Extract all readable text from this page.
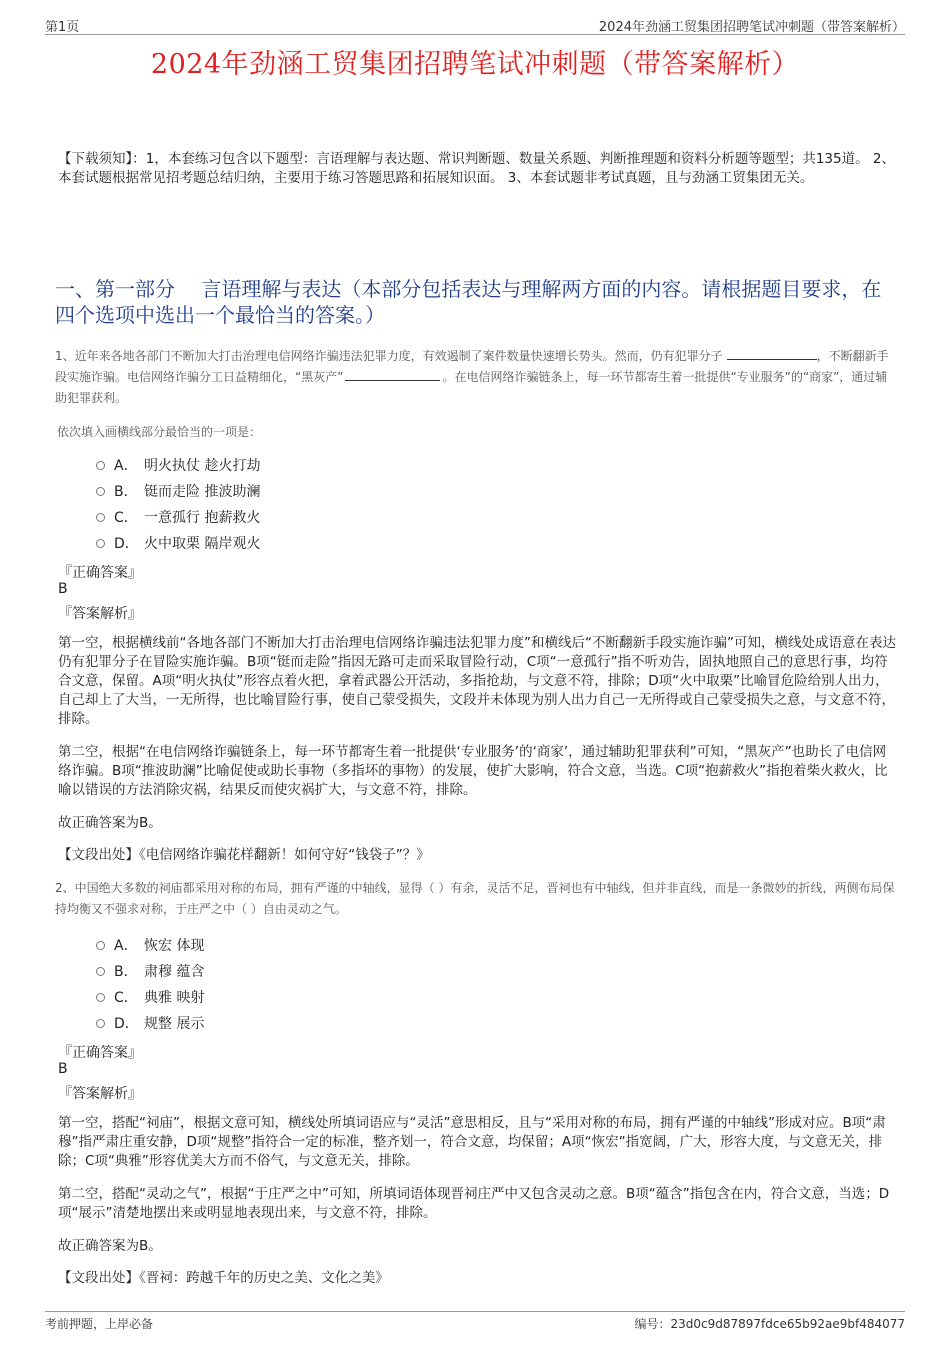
第1页	2024年劲涵工贸集团招聘笔试冲刺题（带答案解析）
2024年劲涵工贸集团招聘笔试冲刺题（带答案解析）
【下载须知】：1，本套练习包含以下题型：言语理解与表达题、常识判断题、数量关系题、判断推理题和资料分析题等题型；共135道。 2、本套试题根据常见招考题总结归纳，主要用于练习答题思路和拓展知识面。 3、本套试题非考试真题，且与劲涵工贸集团无关。
一、第一部分　 言语理解与表达（本部分包括表达与理解两方面的内容。请根据题目要求，在四个选项中选出一个最恰当的答案。）
1、近年来各地各部门不断加大打击治理电信网络诈骗违法犯罪力度，有效遏制了案件数量快速增长势头。然而，仍有犯罪分子	，不断翻新手段实施诈骗。电信网络诈骗分工日益精细化，“黑灰产”	。在电信网络诈骗链条上，每一环节都寄生着一批提供“专业服务”的“商家”，通过辅助犯罪获利。
依次填入画横线部分最恰当的一项是：
A． 明火执仗 趁火打劫
B． 铤而走险 推波助澜
C． 一意孤行 抱薪救火
D． 火中取栗 隔岸观火
『正确答案』
B
『答案解析』
第一空，根据横线前“各地各部门不断加大打击治理电信网络诈骗违法犯罪力度”和横线后“不断翻新手段实施诈骗”可知，横线处成语意在表达仍有犯罪分子在冒险实施诈骗。B项“铤而走险”指因无路可走而采取冒险行动，C项“一意孤行”指不听劝告，固执地照自己的意思行事，均符合文意，保留。A项“明火执仗”形容点着火把，拿着武器公开活动，多指抢劫，与文意不符，排除；D项“火中取栗”比喻冒危险给别人出力，自己却上了大当，一无所得，也比喻冒险行事，使自己蒙受损失，文段并未体现为别人出力自己一无所得或自己蒙受损失之意，与文意不符，排除。
第二空，根据“在电信网络诈骗链条上，每一环节都寄生着一批提供‘专业服务’的‘商家’，通过辅助犯罪获利”可知，“黑灰产”也助长了电信网络诈骗。B项“推波助澜”比喻促使或助长事物（多指坏的事物）的发展，使扩大影响，符合文意，当选。C项“抱薪救火”指抱着柴火救火，比喻以错误的方法消除灾祸，结果反而使灾祸扩大，与文意不符，排除。
故正确答案为B。
【文段出处】《电信网络诈骗花样翻新！如何守好“钱袋子”？》
2、中国绝大多数的祠庙都采用对称的布局，拥有严谨的中轴线，显得（ ）有余，灵活不足，晋祠也有中轴线，但并非直线，而是一条微妙的折线，两侧布局保持均衡又不强求对称，于庄严之中（ ）自由灵动之气。
A． 恢宏 体现
B． 肃穆 蕴含
C． 典雅 映射
D． 规整 展示
『正确答案』
B
『答案解析』
第一空，搭配“祠庙”，根据文意可知，横线处所填词语应与“灵活”意思相反，且与“采用对称的布局，拥有严谨的中轴线”形成对应。B项“肃穆”指严肃庄重安静，D项“规整”指符合一定的标准，整齐划一，符合文意，均保留；A项“恢宏”指宽阔，广大，形容大度，与文意无关，排除；C项“典雅”形容优美大方而不俗气，与文意无关，排除。
第二空，搭配“灵动之气”，根据“于庄严之中”可知，所填词语体现晋祠庄严中又包含灵动之意。B项“蕴含”指包含在内，符合文意，当选；D项“展示”清楚地摆出来或明显地表现出来，与文意不符，排除。
故正确答案为B。
【文段出处】《晋祠：跨越千年的历史之美、文化之美》
考前押题，上岸必备	编号：23d0c9d87897fdce65b92ae9bf484077
